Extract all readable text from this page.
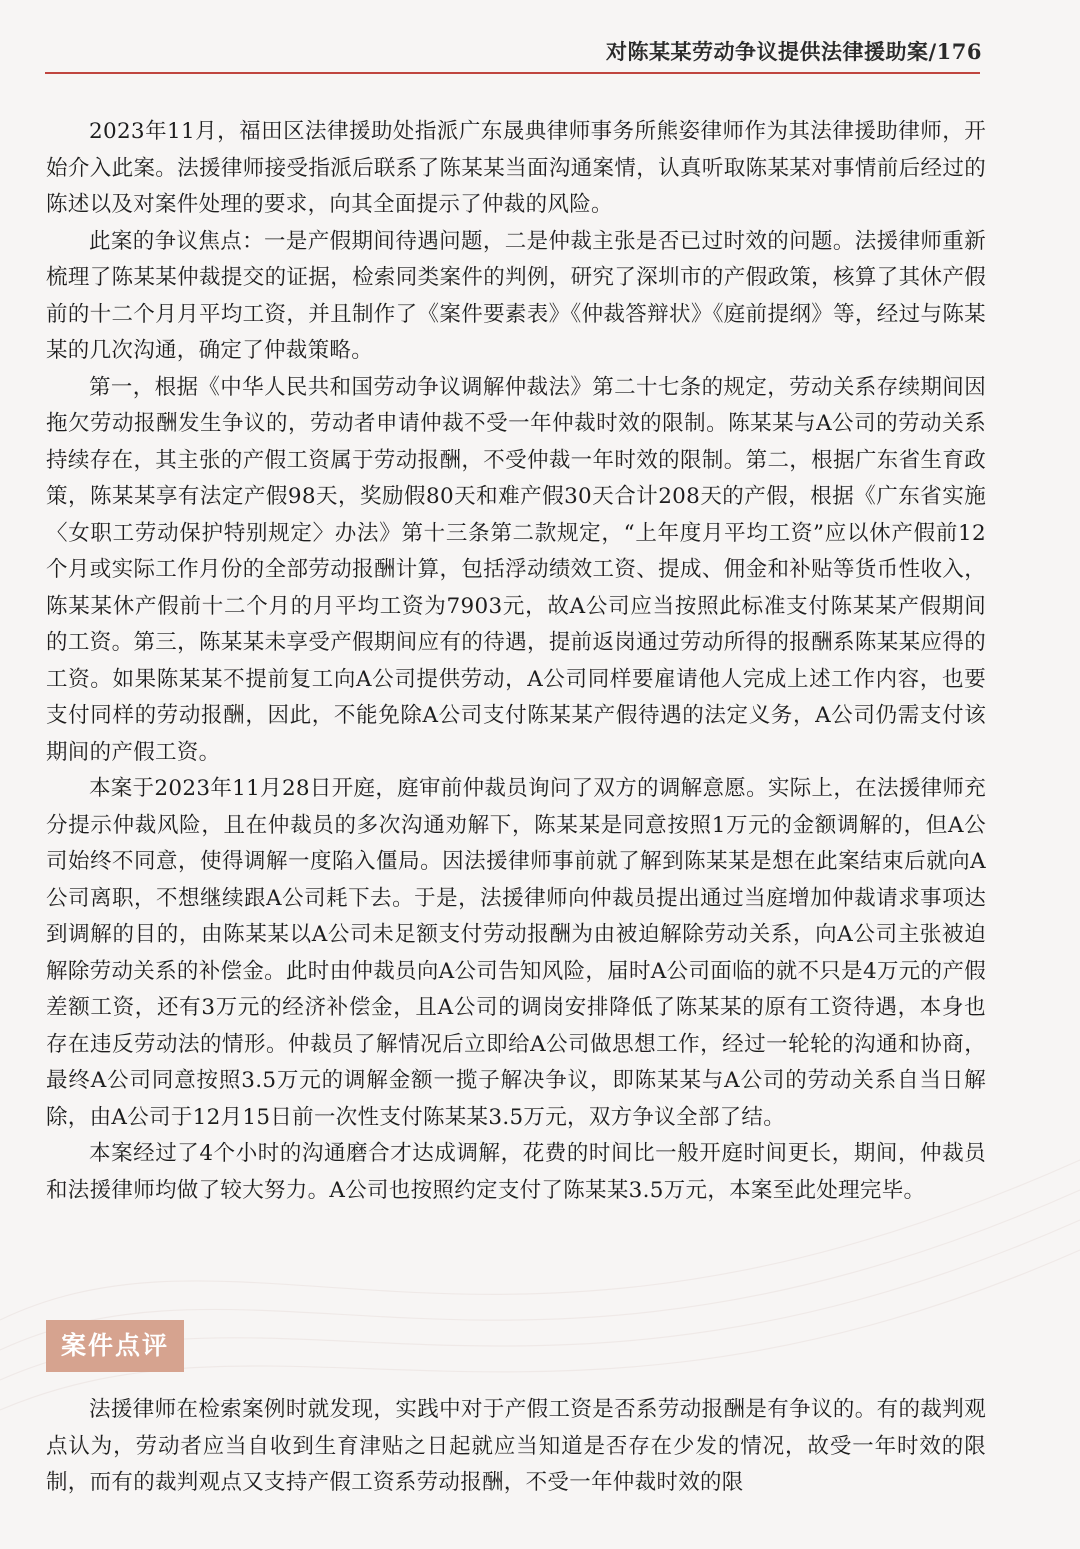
对陈某某劳动争议提供法律援助案/176

2023年11月，福田区法律援助处指派广东晟典律师事务所熊姿律师作为其法律援助律师，开始介入此案。法援律师接受指派后联系了陈某某当面沟通案情，认真听取陈某某对事情前后经过的陈述以及对案件处理的要求，向其全面提示了仲裁的风险。

此案的争议焦点：一是产假期间待遇问题，二是仲裁主张是否已过时效的问题。法援律师重新梳理了陈某某仲裁提交的证据，检索同类案件的判例，研究了深圳市的产假政策，核算了其休产假前的十二个月月平均工资，并且制作了《案件要素表》《仲裁答辩状》《庭前提纲》等，经过与陈某某的几次沟通，确定了仲裁策略。

第一，根据《中华人民共和国劳动争议调解仲裁法》第二十七条的规定，劳动关系存续期间因拖欠劳动报酬发生争议的，劳动者申请仲裁不受一年仲裁时效的限制。陈某某与A公司的劳动关系持续存在，其主张的产假工资属于劳动报酬，不受仲裁一年时效的限制。第二，根据广东省生育政策，陈某某享有法定产假98天，奖励假80天和难产假30天合计208天的产假，根据《广东省实施〈女职工劳动保护特别规定〉办法》第十三条第二款规定，“上年度月平均工资”应以休产假前12个月或实际工作月份的全部劳动报酬计算，包括浮动绩效工资、提成、佣金和补贴等货币性收入，陈某某休产假前十二个月的月平均工资为7903元，故A公司应当按照此标准支付陈某某产假期间的工资。第三，陈某某未享受产假期间应有的待遇，提前返岗通过劳动所得的报酬系陈某某应得的工资。如果陈某某不提前复工向A公司提供劳动，A公司同样要雇请他人完成上述工作内容，也要支付同样的劳动报酬，因此，不能免除A公司支付陈某某产假待遇的法定义务，A公司仍需支付该期间的产假工资。

本案于2023年11月28日开庭，庭审前仲裁员询问了双方的调解意愿。实际上，在法援律师充分提示仲裁风险，且在仲裁员的多次沟通劝解下，陈某某是同意按照1万元的金额调解的，但A公司始终不同意，使得调解一度陷入僵局。因法援律师事前就了解到陈某某是想在此案结束后就向A公司离职，不想继续跟A公司耗下去。于是，法援律师向仲裁员提出通过当庭增加仲裁请求事项达到调解的目的，由陈某某以A公司未足额支付劳动报酬为由被迫解除劳动关系，向A公司主张被迫解除劳动关系的补偿金。此时由仲裁员向A公司告知风险，届时A公司面临的就不只是4万元的产假差额工资，还有3万元的经济补偿金，且A公司的调岗安排降低了陈某某的原有工资待遇，本身也存在违反劳动法的情形。仲裁员了解情况后立即给A公司做思想工作，经过一轮轮的沟通和协商，最终A公司同意按照3.5万元的调解金额一揽子解决争议，即陈某某与A公司的劳动关系自当日解除，由A公司于12月15日前一次性支付陈某某3.5万元，双方争议全部了结。

本案经过了4个小时的沟通磨合才达成调解，花费的时间比一般开庭时间更长，期间，仲裁员和法援律师均做了较大努力。A公司也按照约定支付了陈某某3.5万元，本案至此处理完毕。

案件点评

法援律师在检索案例时就发现，实践中对于产假工资是否系劳动报酬是有争议的。有的裁判观点认为，劳动者应当自收到生育津贴之日起就应当知道是否存在少发的情况，故受一年时效的限制，而有的裁判观点又支持产假工资系劳动报酬，不受一年仲裁时效的限
